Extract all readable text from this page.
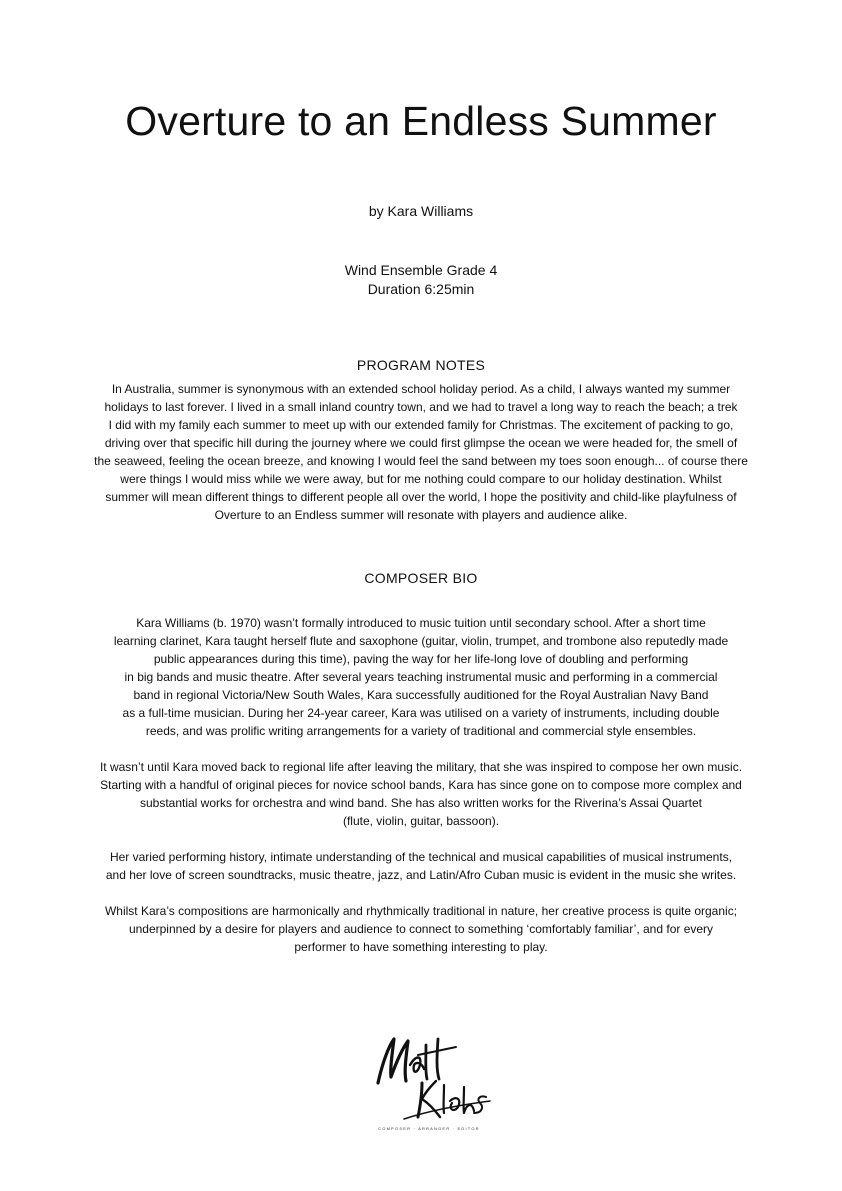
Overture to an Endless Summer
by Kara Williams
Wind Ensemble Grade 4
Duration 6:25min
PROGRAM NOTES
In Australia, summer is synonymous with an extended school holiday period. As a child, I always wanted my summer
holidays to last forever. I lived in a small inland country town, and we had to travel a long way to reach the beach; a trek
I did with my family each summer to meet up with our extended family for Christmas. The excitement of packing to go,
driving over that specific hill during the journey where we could first glimpse the ocean we were headed for, the smell of
the seaweed, feeling the ocean breeze, and knowing I would feel the sand between my toes soon enough... of course there
were things I would miss while we were away, but for me nothing could compare to our holiday destination. Whilst
summer will mean different things to different people all over the world, I hope the positivity and child-like playfulness of
Overture to an Endless summer will resonate with players and audience alike.
COMPOSER BIO
Kara Williams (b. 1970) wasn’t formally introduced to music tuition until secondary school. After a short time
learning clarinet, Kara taught herself flute and saxophone (guitar, violin, trumpet, and trombone also reputedly made
public appearances during this time), paving the way for her life-long love of doubling and performing
in big bands and music theatre. After several years teaching instrumental music and performing in a commercial
band in regional Victoria/New South Wales, Kara successfully auditioned for the Royal Australian Navy Band
as a full-time musician. During her 24-year career, Kara was utilised on a variety of instruments, including double
reeds, and was prolific writing arrangements for a variety of traditional and commercial style ensembles.
It wasn’t until Kara moved back to regional life after leaving the military, that she was inspired to compose her own music.
Starting with a handful of original pieces for novice school bands, Kara has since gone on to compose more complex and
substantial works for orchestra and wind band. She has also written works for the Riverina’s Assai Quartet
(flute, violin, guitar, bassoon).
Her varied performing history, intimate understanding of the technical and musical capabilities of musical instruments,
and her love of screen soundtracks, music theatre, jazz, and Latin/Afro Cuban music is evident in the music she writes.
Whilst Kara’s compositions are harmonically and rhythmically traditional in nature, her creative process is quite organic;
underpinned by a desire for players and audience to connect to something ‘comfortably familiar’, and for every
performer to have something interesting to play.
COMPOSER · ARRANGER · EDITOR
